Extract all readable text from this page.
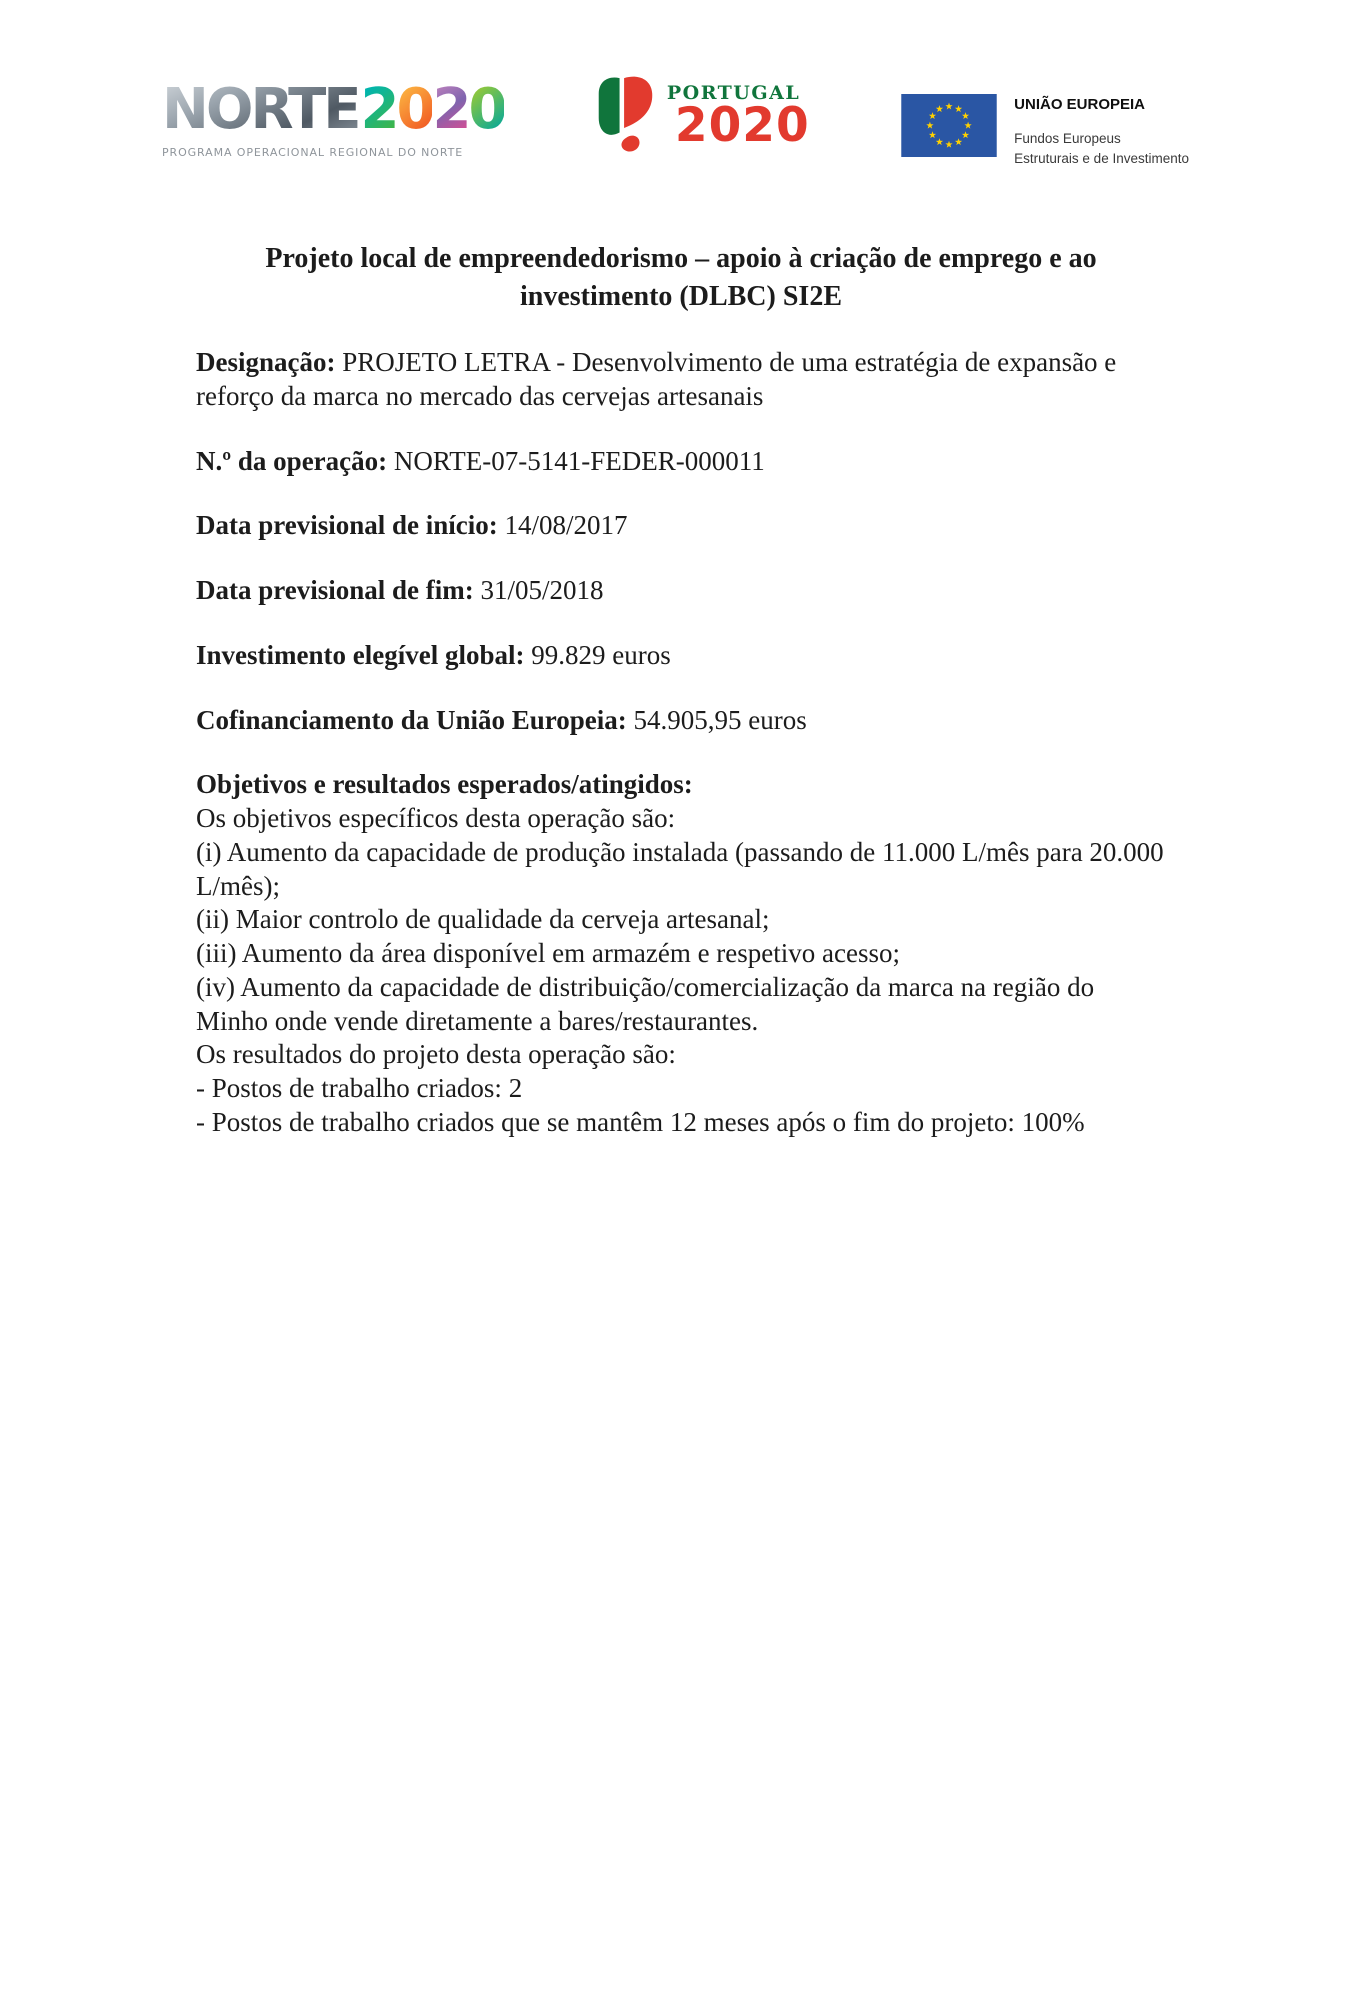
NORTE 2 0 2 0
PROGRAMA OPERACIONAL REGIONAL DO NORTE
PORTUGAL
2020	UNIÃO EUROPEIA
Fundos Europeus
Estruturais e de Investimento
Projeto local de empreendedorismo – apoio à criação de emprego e ao
investimento (DLBC) SI2E

Designação: PROJETO LETRA - Desenvolvimento de uma estratégia de expansão e reforço da marca no mercado das cervejas artesanais

N.º da operação: NORTE-07-5141-FEDER-000011

Data previsional de início: 14/08/2017

Data previsional de fim: 31/05/2018

Investimento elegível global: 99.829 euros

Cofinanciamento da União Europeia: 54.905,95 euros

Objetivos e resultados esperados/atingidos:
Os objetivos específicos desta operação são:
(i) Aumento da capacidade de produção instalada (passando de 11.000 L/mês para 20.000 L/mês);
(ii) Maior controlo de qualidade da cerveja artesanal;
(iii) Aumento da área disponível em armazém e respetivo acesso;
(iv) Aumento da capacidade de distribuição/comercialização da marca na região do Minho onde vende diretamente a bares/restaurantes.
Os resultados do projeto desta operação são:
- Postos de trabalho criados: 2
- Postos de trabalho criados que se mantêm 12 meses após o fim do projeto: 100%
